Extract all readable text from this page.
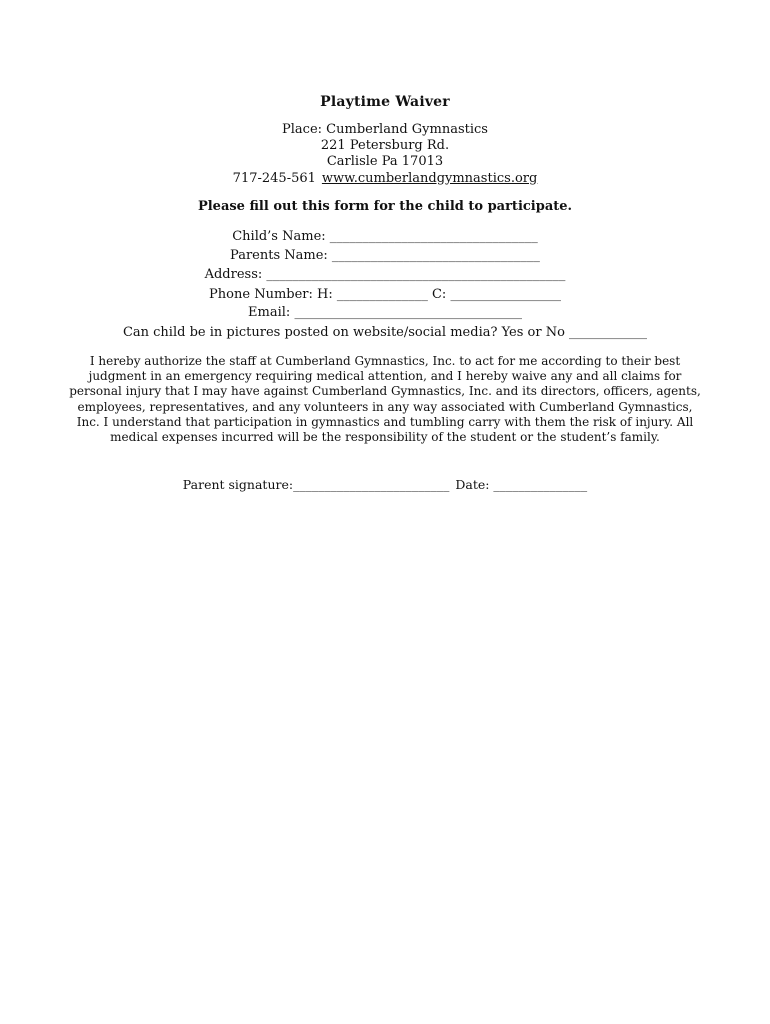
Playtime Waiver
Place: Cumberland Gymnastics
221 Petersburg Rd.
Carlisle Pa 17013
717-245-561 www.cumberlandgymnastics.org
Please fill out this form for the child to participate.
Child’s Name: ________________________________
Parents Name: ________________________________
Address: ______________________________________________
Phone Number: H: ______________ C: _________________
Email: ___________________________________
Can child be in pictures posted on website/social media? Yes or No ____________
I hereby authorize the staff at Cumberland Gymnastics, Inc. to act for me according to their best judgment in an emergency requiring medical attention, and I hereby waive any and all claims for personal injury that I may have against Cumberland Gymnastics, Inc. and its directors, officers, agents, employees, representatives, and any volunteers in any way associated with Cumberland Gymnastics, Inc. I understand that participation in gymnastics and tumbling carry with them the risk of injury. All medical expenses incurred will be the responsibility of the student or the student’s family.
Parent signature:_________________________ Date: _______________
